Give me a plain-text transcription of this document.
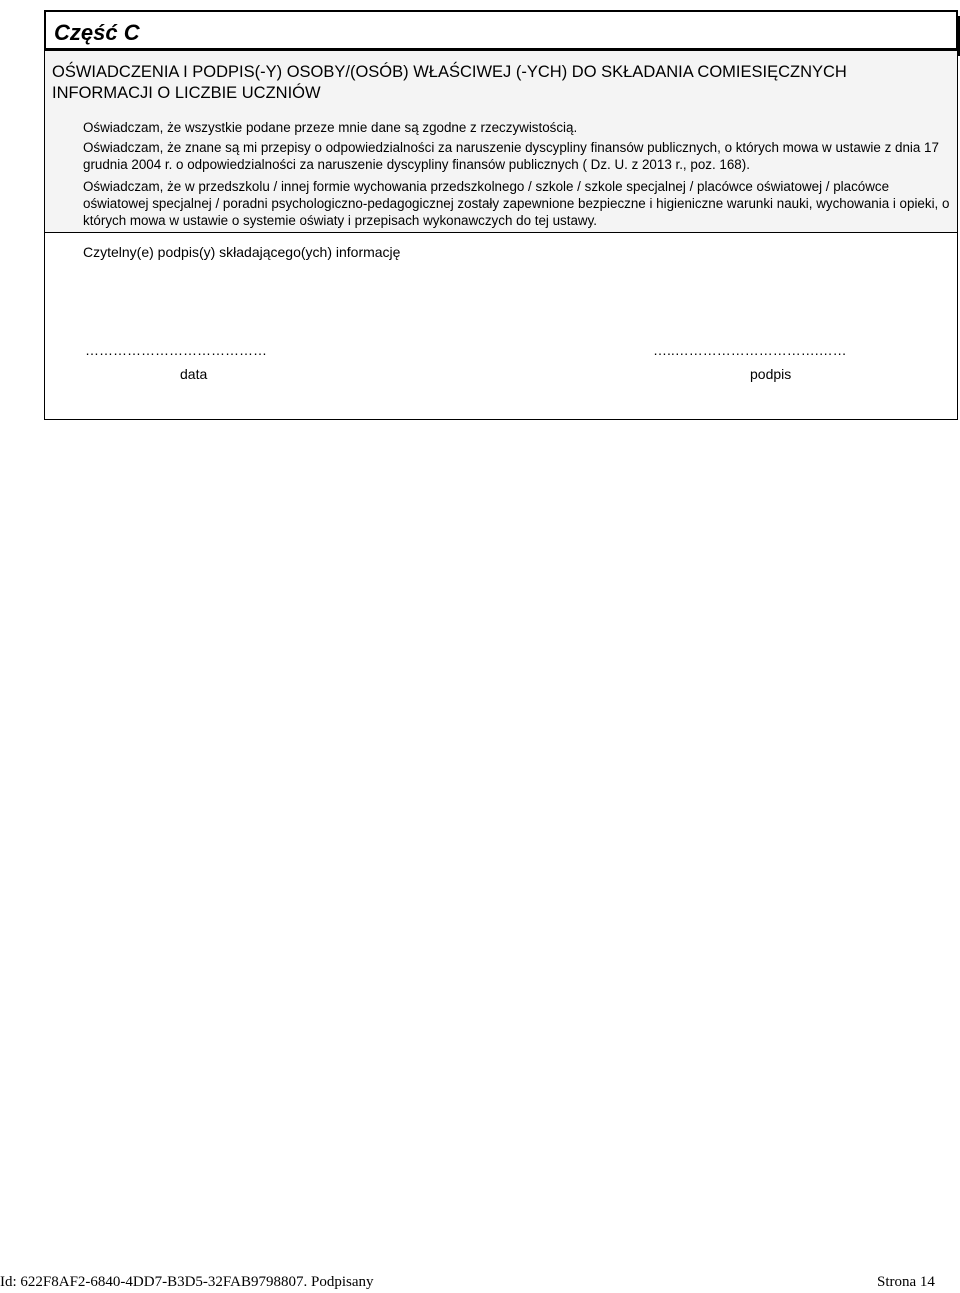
Część C
OŚWIADCZENIA I PODPIS(-Y) OSOBY/(OSÓB) WŁAŚCIWEJ (-YCH) DO SKŁADANIA COMIESIĘCZNYCH
INFORMACJI O LICZBIE UCZNIÓW

Oświadczam, że wszystkie podane przeze mnie dane są zgodne z rzeczywistością.

Oświadczam, że znane są mi przepisy o odpowiedzialności za naruszenie dyscypliny finansów publicznych, o których mowa w ustawie z dnia 17 grudnia 2004 r. o odpowiedzialności za naruszenie dyscypliny finansów publicznych ( Dz. U. z 2013 r., poz. 168).

Oświadczam, że w przedszkolu / innej formie wychowania przedszkolnego / szkole / szkole specjalnej / placówce oświatowej / placówce oświatowej specjalnej / poradni psychologiczno-pedagogicznej zostały zapewnione bezpieczne i higieniczne warunki nauki, wychowania i opieki, o których mowa w ustawie o systemie oświaty i przepisach wykonawczych do tej ustawy.

Czytelny(e) podpis(y) składającego(ych) informację
…………………………………	…..………………………….……
data	podpis
Id: 622F8AF2-6840-4DD7-B3D5-32FAB9798807. Podpisany	Strona 14
